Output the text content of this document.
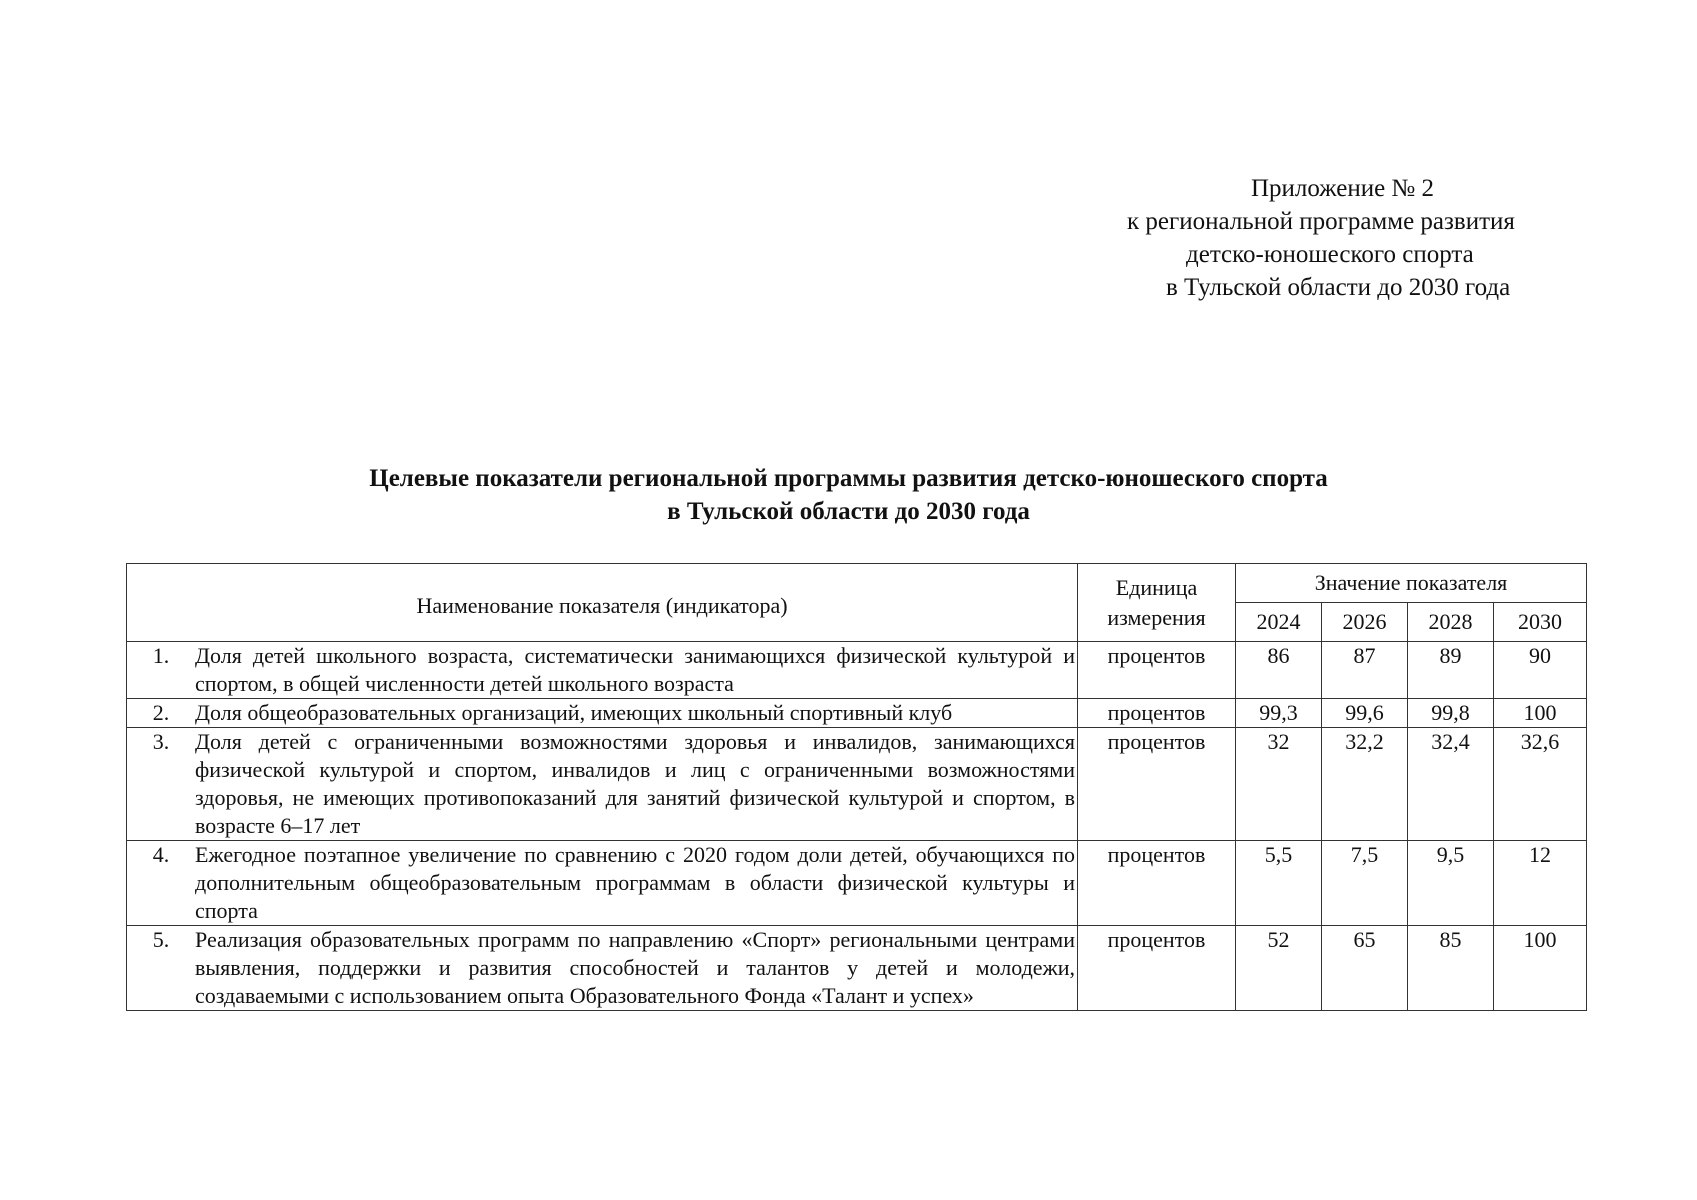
Приложение № 2
к региональной программе развития
детско-юношеского спорта
в Тульской области до 2030 года
Целевые показатели региональной программы развития детско-юношеского спорта
в Тульской области до 2030 года
Наименование показателя (индикатора)	Единица измерения	Значение показателя			
		2024	2026	2028	2030

1. Доля детей школьного возраста, систематически занимающихся физической культурой и спортом, в общей численности детей школьного возраста	процентов	86	87	89	90

2. Доля общеобразовательных организаций, имеющих школьный спортивный клуб	процентов	99,3	99,6	99,8	100

3. Доля детей с ограниченными возможностями здоровья и инвалидов, занимающихся физической культурой и спортом, инвалидов и лиц с ограниченными возможностями здоровья, не имеющих противопоказаний для занятий физической культурой и спортом, в возрасте 6–17 лет	процентов	32	32,2	32,4	32,6

4. Ежегодное поэтапное увеличение по сравнению с 2020 годом доли детей, обучающихся по дополнительным общеобразовательным программам в области физической культуры и спорта	процентов	5,5	7,5	9,5	12

5. Реализация образовательных программ по направлению «Спорт» региональными центрами выявления, поддержки и развития способностей и талантов у детей и молодежи, создаваемыми с использованием опыта Образовательного Фонда «Талант и успех»	процентов	52	65	85	100
